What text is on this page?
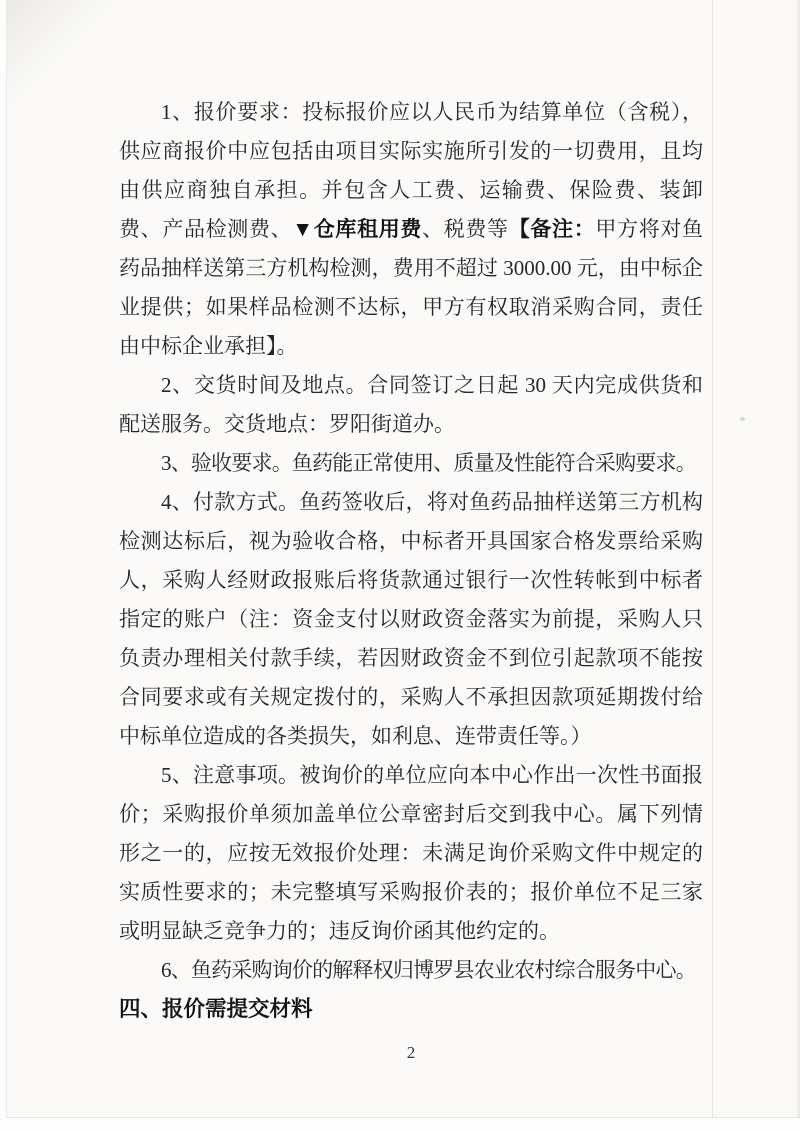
1、报价要求：投标报价应以人民币为结算单位（含税），供应商报价中应包括由项目实际实施所引发的一切费用，且均由供应商独自承担。并包含人工费、运输费、保险费、装卸费、产品检测费、▼仓库租用费、税费等【备注：甲方将对鱼药品抽样送第三方机构检测，费用不超过 3000.00 元，由中标企业提供；如果样品检测不达标，甲方有权取消采购合同，责任由中标企业承担】。

2、交货时间及地点。合同签订之日起 30 天内完成供货和配送服务。交货地点：罗阳街道办。

3、验收要求。鱼药能正常使用、质量及性能符合采购要求。

4、付款方式。鱼药签收后，将对鱼药品抽样送第三方机构检测达标后，视为验收合格，中标者开具国家合格发票给采购人，采购人经财政报账后将货款通过银行一次性转帐到中标者指定的账户（注：资金支付以财政资金落实为前提，采购人只负责办理相关付款手续，若因财政资金不到位引起款项不能按合同要求或有关规定拨付的，采购人不承担因款项延期拨付给中标单位造成的各类损失，如利息、连带责任等。）

5、注意事项。被询价的单位应向本中心作出一次性书面报价；采购报价单须加盖单位公章密封后交到我中心。属下列情形之一的，应按无效报价处理：未满足询价采购文件中规定的实质性要求的；未完整填写采购报价表的；报价单位不足三家或明显缺乏竞争力的；违反询价函其他约定的。

6、鱼药采购询价的解释权归博罗县农业农村综合服务中心。

四、报价需提交材料

2
